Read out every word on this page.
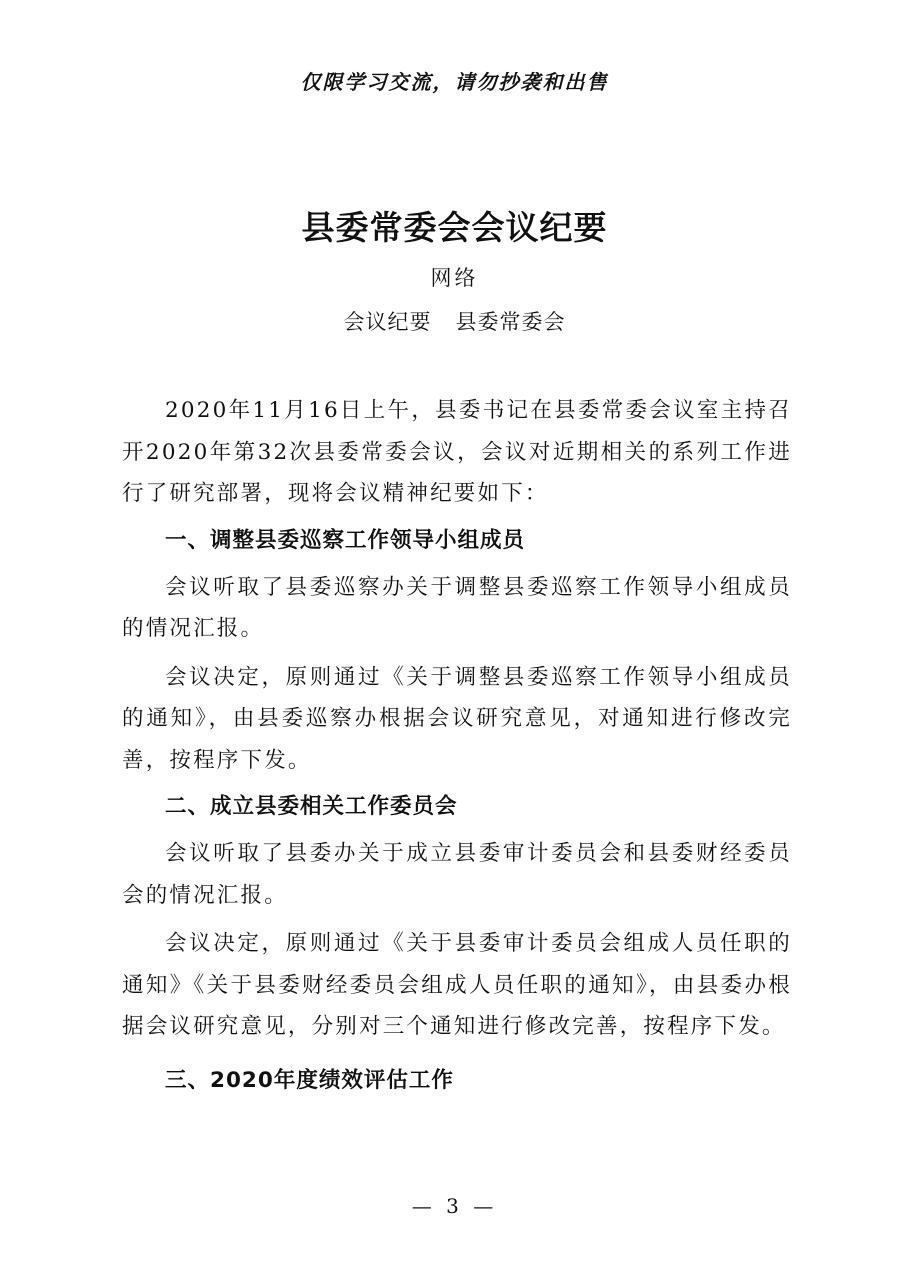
仅限学习交流，请勿抄袭和出售
县委常委会会议纪要
网络
会议纪要 县委常委会

2020年11月16日上午，县委书记在县委常委会议室主持召开2020年第32次县委常委会议，会议对近期相关的系列工作进行了研究部署，现将会议精神纪要如下：

一、调整县委巡察工作领导小组成员

会议听取了县委巡察办关于调整县委巡察工作领导小组成员的情况汇报。

会议决定，原则通过《关于调整县委巡察工作领导小组成员的通知》，由县委巡察办根据会议研究意见，对通知进行修改完善，按程序下发。

二、成立县委相关工作委员会

会议听取了县委办关于成立县委审计委员会和县委财经委员会的情况汇报。

会议决定，原则通过《关于县委审计委员会组成人员任职的通知》《关于县委财经委员会组成人员任职的通知》，由县委办根据会议研究意见，分别对三个通知进行修改完善，按程序下发。

三、2020年度绩效评估工作
— 3 —
